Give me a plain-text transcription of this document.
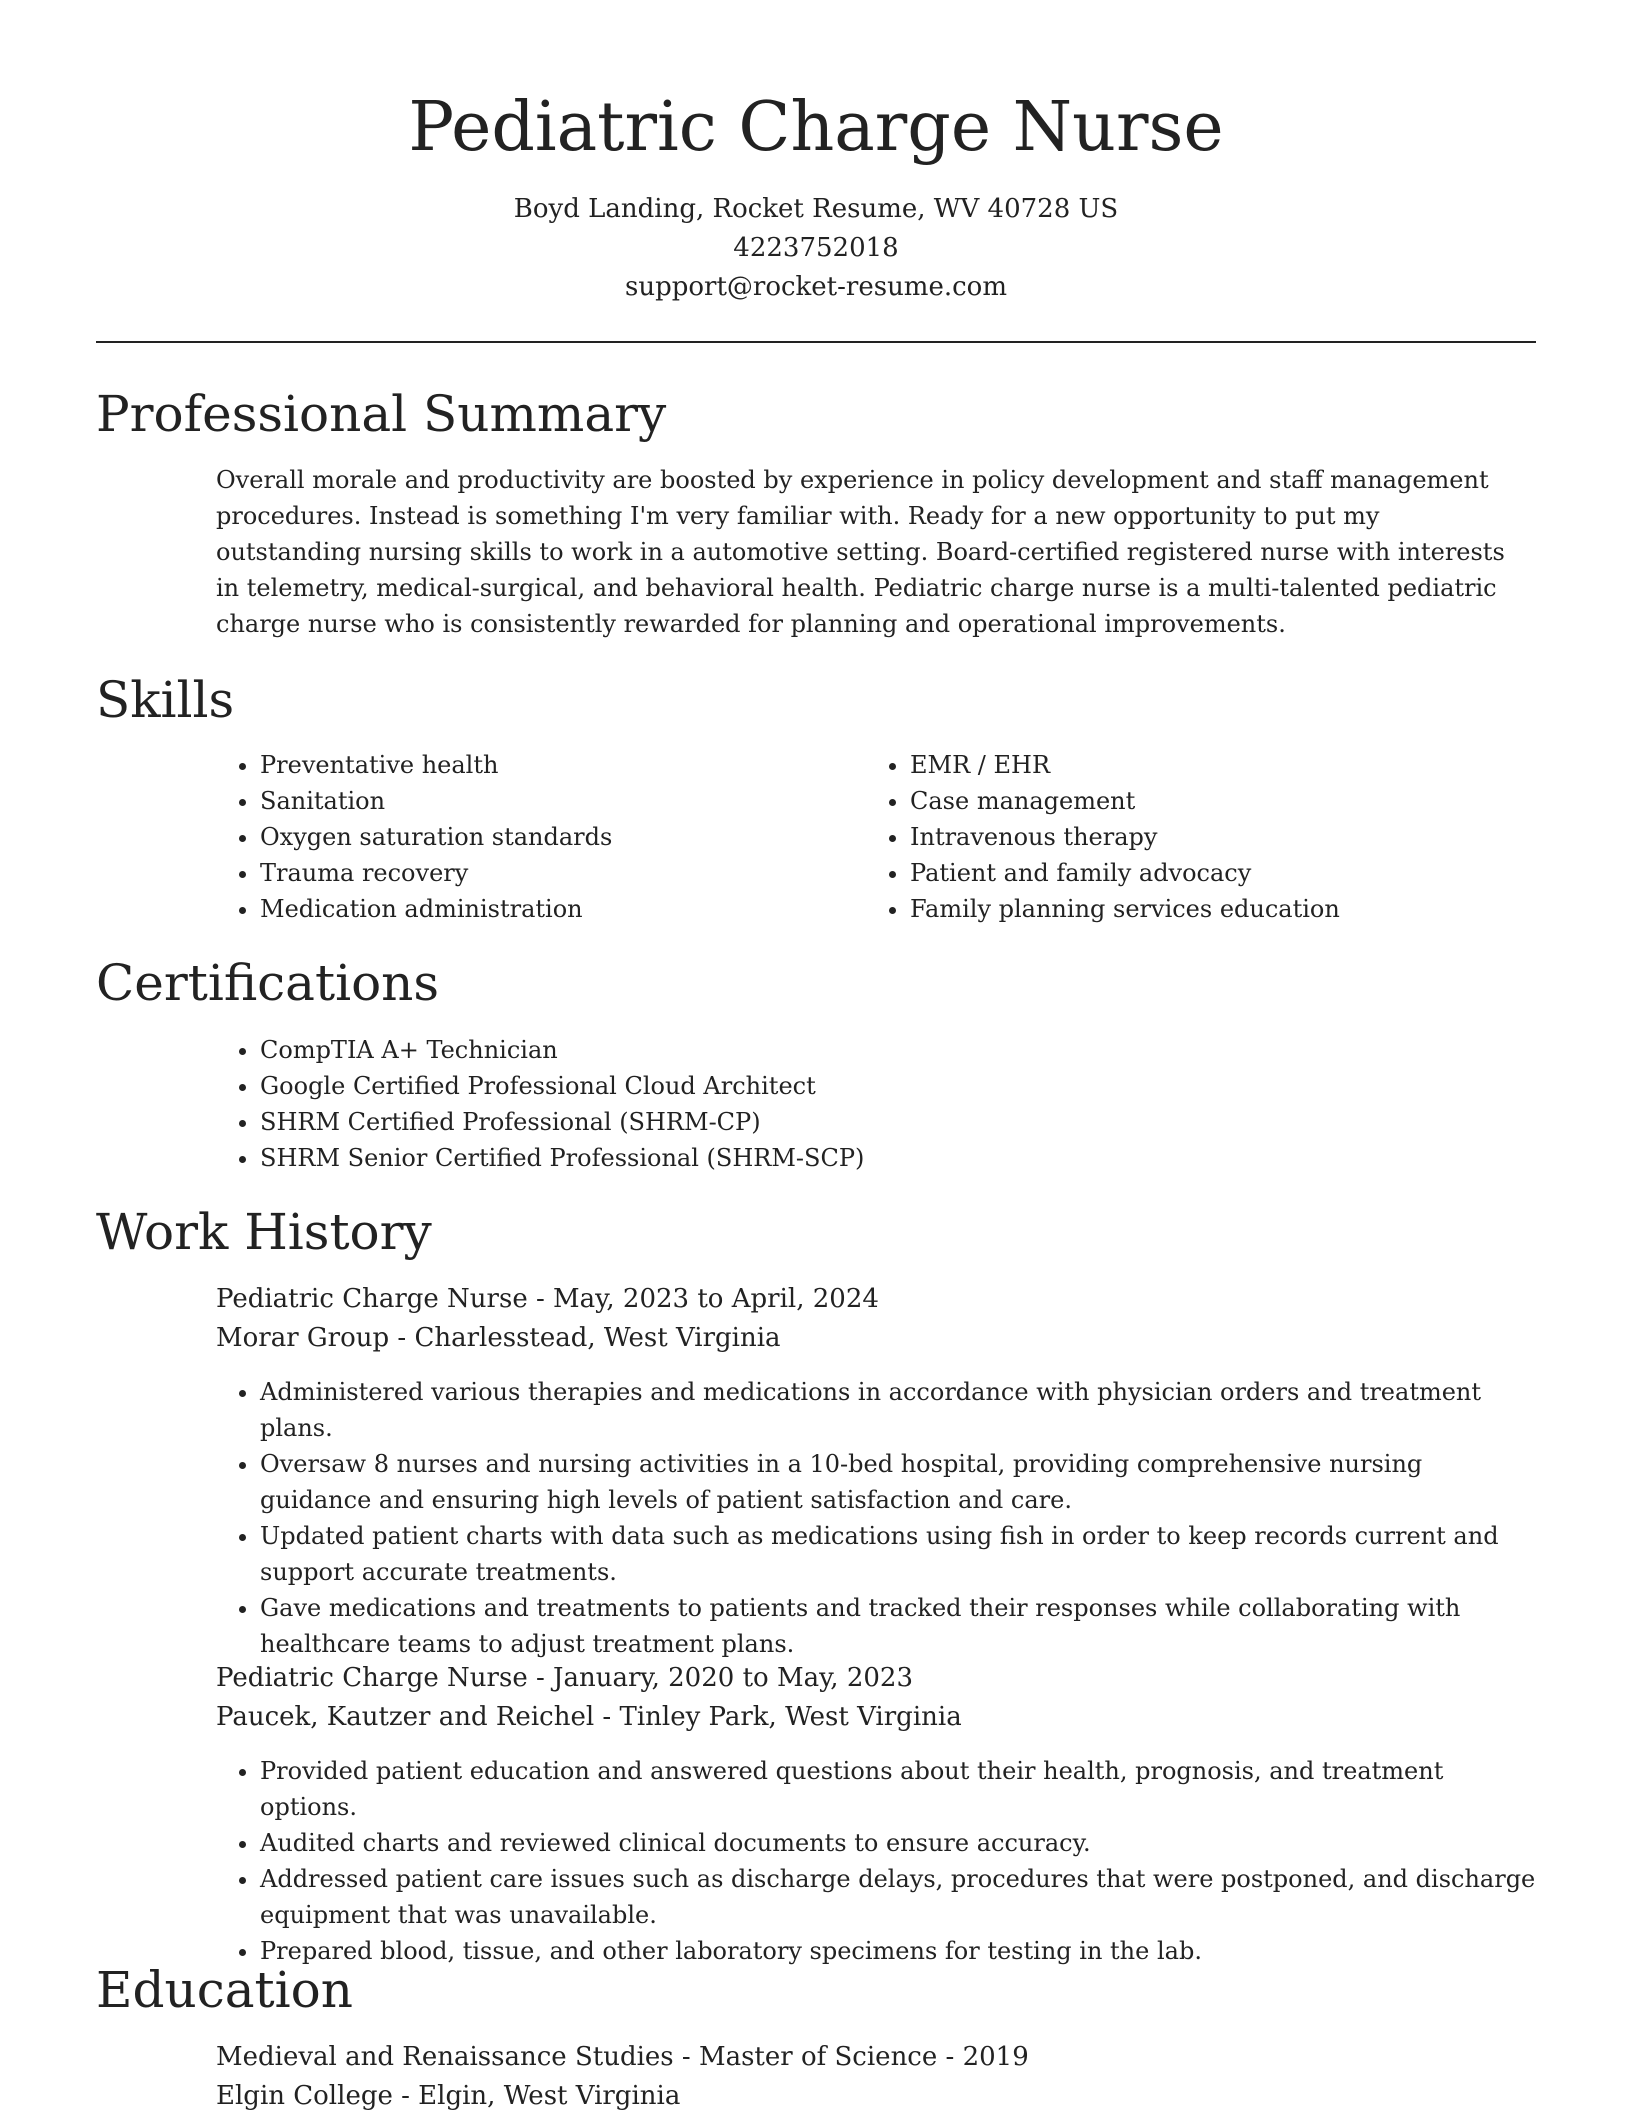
Pediatric Charge Nurse
Boyd Landing, Rocket Resume, WV 40728 US
4223752018
support@rocket-resume.com
Professional Summary

Overall morale and productivity are boosted by experience in policy development and staff management procedures. Instead is something I'm very familiar with. Ready for a new opportunity to put my outstanding nursing skills to work in a automotive setting. Board-certified registered nurse with interests in telemetry, medical-surgical, and behavioral health. Pediatric charge nurse is a multi-talented pediatric charge nurse who is consistently rewarded for planning and operational improvements.

Skills
• Preventative health
• Sanitation
• Oxygen saturation standards
• Trauma recovery
• Medication administration
• EMR / EHR
• Case management
• Intravenous therapy
• Patient and family advocacy
• Family planning services education
Certifications
• CompTIA A+ Technician
• Google Certified Professional Cloud Architect
• SHRM Certified Professional (SHRM-CP)
• SHRM Senior Certified Professional (SHRM-SCP)
Work History
Pediatric Charge Nurse - May, 2023 to April, 2024
Morar Group - Charlesstead, West Virginia
• Administered various therapies and medications in accordance with physician orders and treatment plans.
• Oversaw 8 nurses and nursing activities in a 10-bed hospital, providing comprehensive nursing guidance and ensuring high levels of patient satisfaction and care.
• Updated patient charts with data such as medications using fish in order to keep records current and support accurate treatments.
• Gave medications and treatments to patients and tracked their responses while collaborating with healthcare teams to adjust treatment plans.
Pediatric Charge Nurse - January, 2020 to May, 2023
Paucek, Kautzer and Reichel - Tinley Park, West Virginia
• Provided patient education and answered questions about their health, prognosis, and treatment options.
• Audited charts and reviewed clinical documents to ensure accuracy.
• Addressed patient care issues such as discharge delays, procedures that were postponed, and discharge equipment that was unavailable.
• Prepared blood, tissue, and other laboratory specimens for testing in the lab.
Education
Medieval and Renaissance Studies - Master of Science - 2019
Elgin College - Elgin, West Virginia
